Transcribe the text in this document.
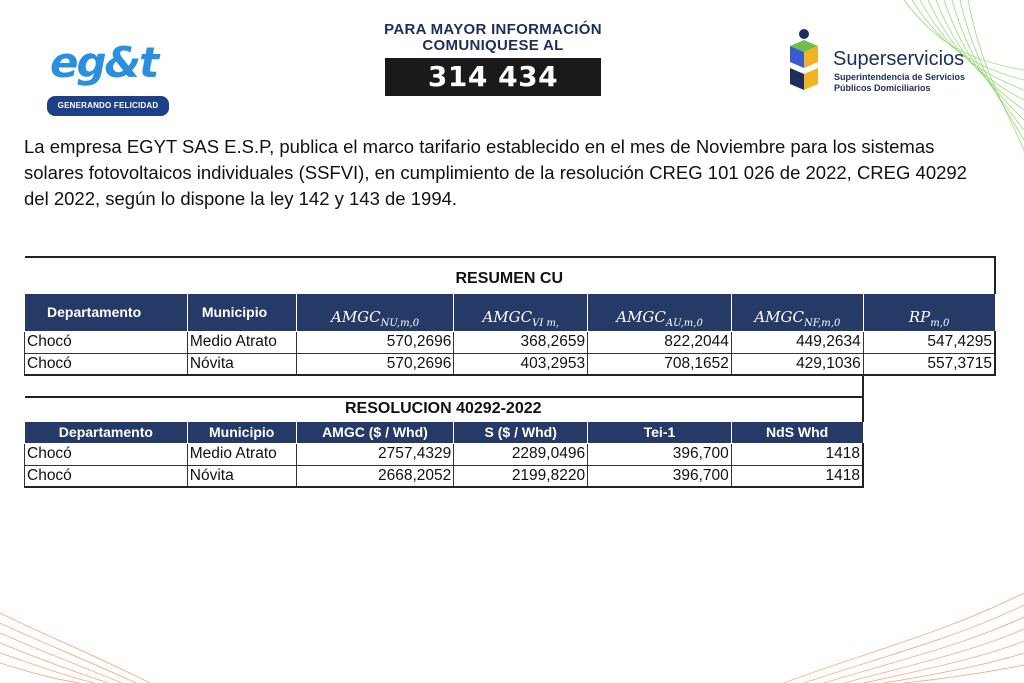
eg&t
GENERANDO FELICIDAD
PARA MAYOR INFORMACIÓN
COMUNIQUESE AL
314 434 8960
Superservicios
Superintendencia de Servicios
Públicos Domiciliarios

La empresa EGYT SAS E.S.P, publica el marco tarifario establecido en el mes de Noviembre para los sistemas solares fotovoltaicos individuales (SSFVI), en cumplimiento de la resolución CREG 101 026 de 2022, CREG 40292 del 2022, según lo dispone la ley 142 y 143 de 1994.

RESUMEN CU						
Departamento	Municipio	$AMGC_{NU,m,0}$	$AMGC_{VI m,}$	$AMGC_{AU,m,0}$	$AMGC_{NF,m,0}$	$RP_{m,0}$
Chocó	Medio Atrato	570,2696	368,2659	822,2044	449,2634	547,4295
Chocó	Nóvita	570,2696	403,2953	708,1652	429,1036	557,3715
RESOLUCION 40292-2022					
Departamento	Municipio	AMGC ($ / Whd)	S ($ / Whd)	Tei-1	NdS Whd
Chocó	Medio Atrato	2757,4329	2289,0496	396,700	1418
Chocó	Nóvita	2668,2052	2199,8220	396,700	1418
